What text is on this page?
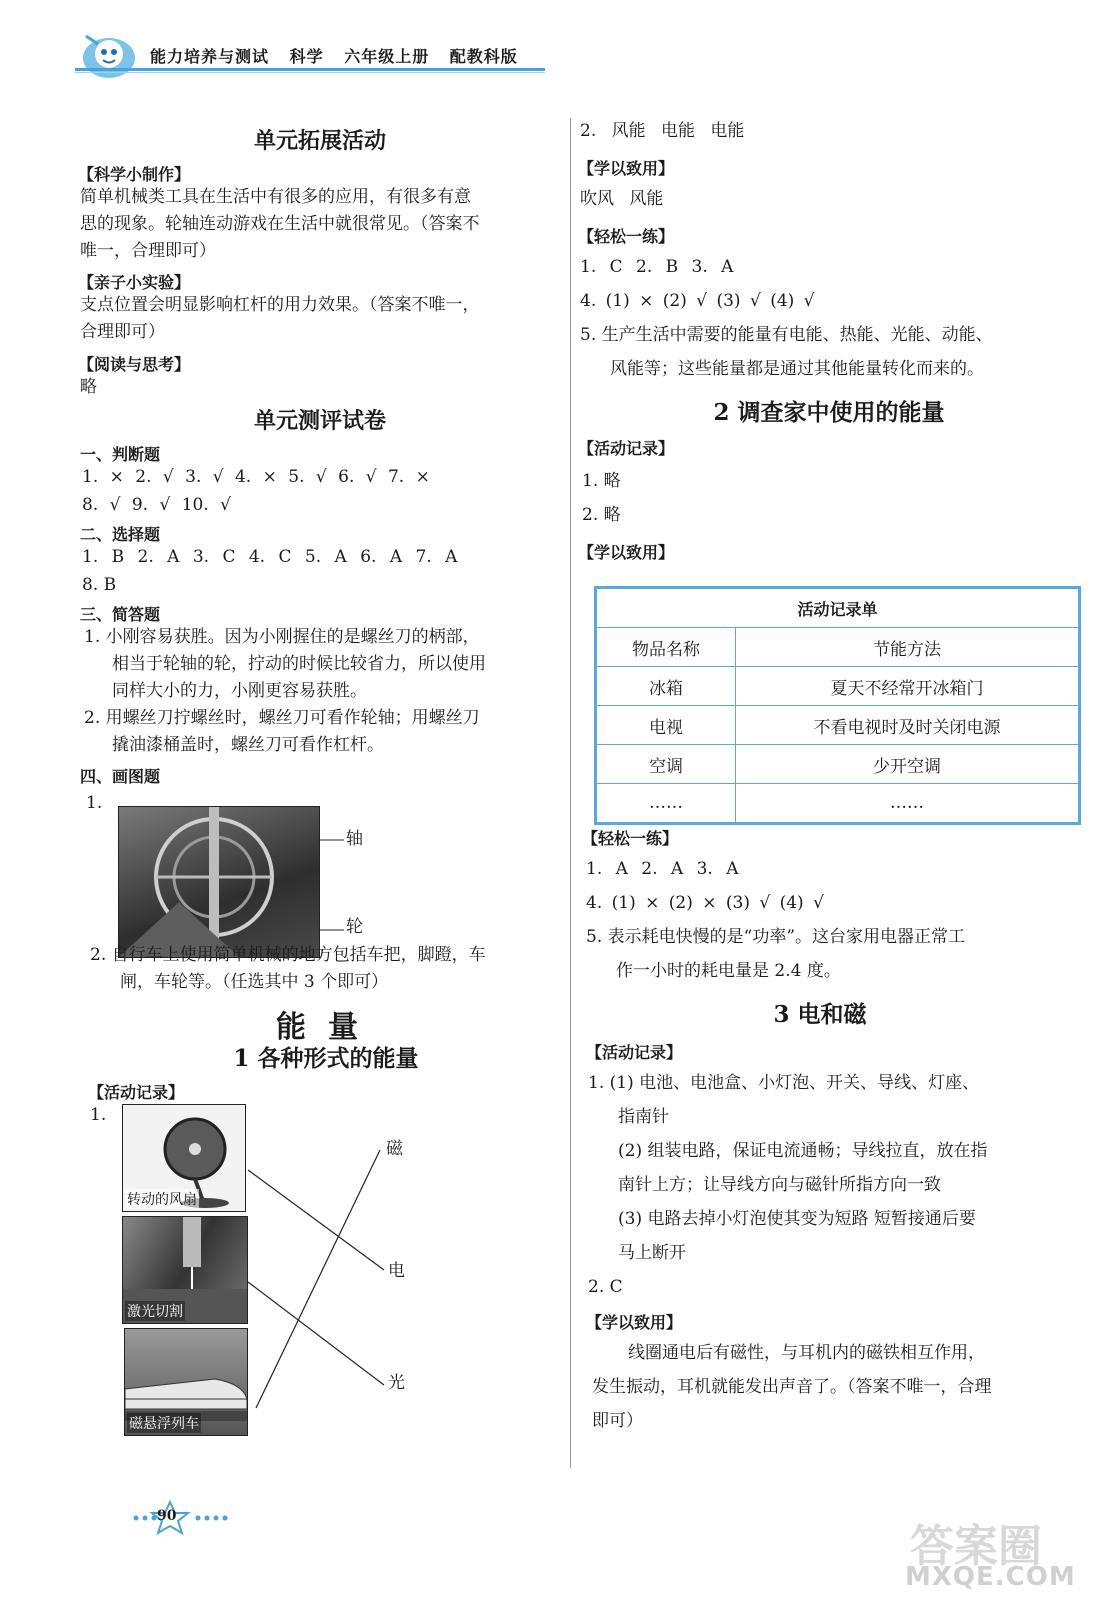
能力培养与测试 科学 六年级上册 配教科版
单元拓展活动
【科学小制作】
简单机械类工具在生活中有很多的应用，有很多有意
思的现象。轮轴连动游戏在生活中就很常见。（答案不
唯一，合理即可）
【亲子小实验】
支点位置会明显影响杠杆的用力效果。（答案不唯一，
合理即可）
【阅读与思考】
略
单元测评试卷
一、判断题
1. × 2. √ 3. √ 4. × 5. √ 6. √ 7. ×
8. √ 9. √ 10. √
二、选择题
1. B 2. A 3. C 4. C 5. A 6. A 7. A
8. B
三、简答题
1. 小刚容易获胜。因为小刚握住的是螺丝刀的柄部，
相当于轮轴的轮，拧动的时候比较省力，所以使用
同样大小的力，小刚更容易获胜。
2. 用螺丝刀拧螺丝时，螺丝刀可看作轮轴；用螺丝刀
撬油漆桶盖时，螺丝刀可看作杠杆。
四、画图题
1.
轴
轮
2. 自行车上使用简单机械的地方包括车把，脚蹬，车
闸，车轮等。（任选其中 3 个即可）
能量
1 各种形式的能量
【活动记录】
1.
转动的风扇
激光切割
磁悬浮列车
磁
电
光
90
2. 风能 电能 电能
【学以致用】
吹风 风能
【轻松一练】
1. C 2. B 3. A
4. (1) × (2) √ (3) √ (4) √
5. 生产生活中需要的能量有电能、热能、光能、动能、
风能等；这些能量都是通过其他能量转化而来的。
2 调查家中使用的能量
【活动记录】
1. 略
2. 略
【学以致用】
活动记录单	
物品名称	节能方法
冰箱	夏天不经常开冰箱门
电视	不看电视时及时关闭电源
空调	少开空调
……	……
【轻松一练】
1. A 2. A 3. A
4. (1) × (2) × (3) √ (4) √
5. 表示耗电快慢的是“功率”。这台家用电器正常工
作一小时的耗电量是 2.4 度。
3 电和磁
【活动记录】
1. (1) 电池、电池盒、小灯泡、开关、导线、灯座、
指南针
(2) 组装电路，保证电流通畅；导线拉直，放在指
南针上方；让导线方向与磁针所指方向一致
(3) 电路去掉小灯泡使其变为短路 短暂接通后要
马上断开
2. C
【学以致用】
线圈通电后有磁性，与耳机内的磁铁相互作用，
发生振动，耳机就能发出声音了。（答案不唯一，合理
即可）
答案圈
MXQE.COM
